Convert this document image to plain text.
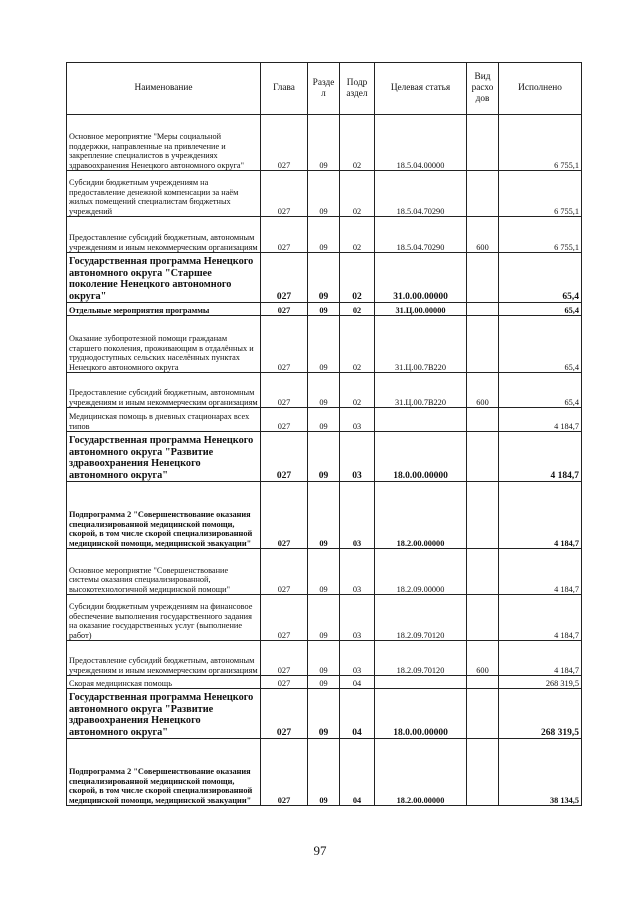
Наименование	Глава	Разде л	Подр аздел	Целевая статья	Вид расхо дов	Исполнено
Основное мероприятие "Меры социальной поддержки, направленные на привлечение и закрепление специалистов в учреждениях здравоохранения Ненецкого автономного округа"	027	09	02	18.5.04.00000		6 755,1
Субсидии бюджетным учреждениям на предоставление денежной компенсации за наём жилых помещений специалистам бюджетных учреждений	027	09	02	18.5.04.70290		6 755,1
Предоставление субсидий бюджетным, автономным учреждениям и иным некоммерческим организациям	027	09	02	18.5.04.70290	600	6 755,1
Государственная программа Ненецкого автономного округа "Старшее поколение Ненецкого автономного округа"	027	09	02	31.0.00.00000		65,4
Отдельные мероприятия программы	027	09	02	31.Ц.00.00000		65,4
Оказание зубопротезной помощи гражданам старшего поколения, проживающим в отдалённых и труднодоступных сельских населённых пунктах Ненецкого автономного округа	027	09	02	31.Ц.00.7В220		65,4
Предоставление субсидий бюджетным, автономным учреждениям и иным некоммерческим организациям	027	09	02	31.Ц.00.7В220	600	65,4
Медицинская помощь в дневных стационарах всех типов	027	09	03			4 184,7
Государственная программа Ненецкого автономного округа "Развитие здравоохранения Ненецкого автономного округа"	027	09	03	18.0.00.00000		4 184,7
Подпрограмма 2 "Совершенствование оказания специализированной медицинской помощи, скорой, в том числе скорой специализированной медицинской помощи, медицинской эвакуации"	027	09	03	18.2.00.00000		4 184,7
Основное мероприятие "Совершенствование системы оказания специализированной, высокотехнологичной медицинской помощи"	027	09	03	18.2.09.00000		4 184,7
Субсидии бюджетным учреждениям на финансовое обеспечение выполнения государственного задания на оказание государственных услуг (выполнение работ)	027	09	03	18.2.09.70120		4 184,7
Предоставление субсидий бюджетным, автономным учреждениям и иным некоммерческим организациям	027	09	03	18.2.09.70120	600	4 184,7
Скорая медицинская помощь	027	09	04			268 319,5
Государственная программа Ненецкого автономного округа "Развитие здравоохранения Ненецкого автономного округа"	027	09	04	18.0.00.00000		268 319,5
Подпрограмма 2 "Совершенствование оказания специализированной медицинской помощи, скорой, в том числе скорой специализированной медицинской помощи, медицинской эвакуации"	027	09	04	18.2.00.00000		38 134,5
97
